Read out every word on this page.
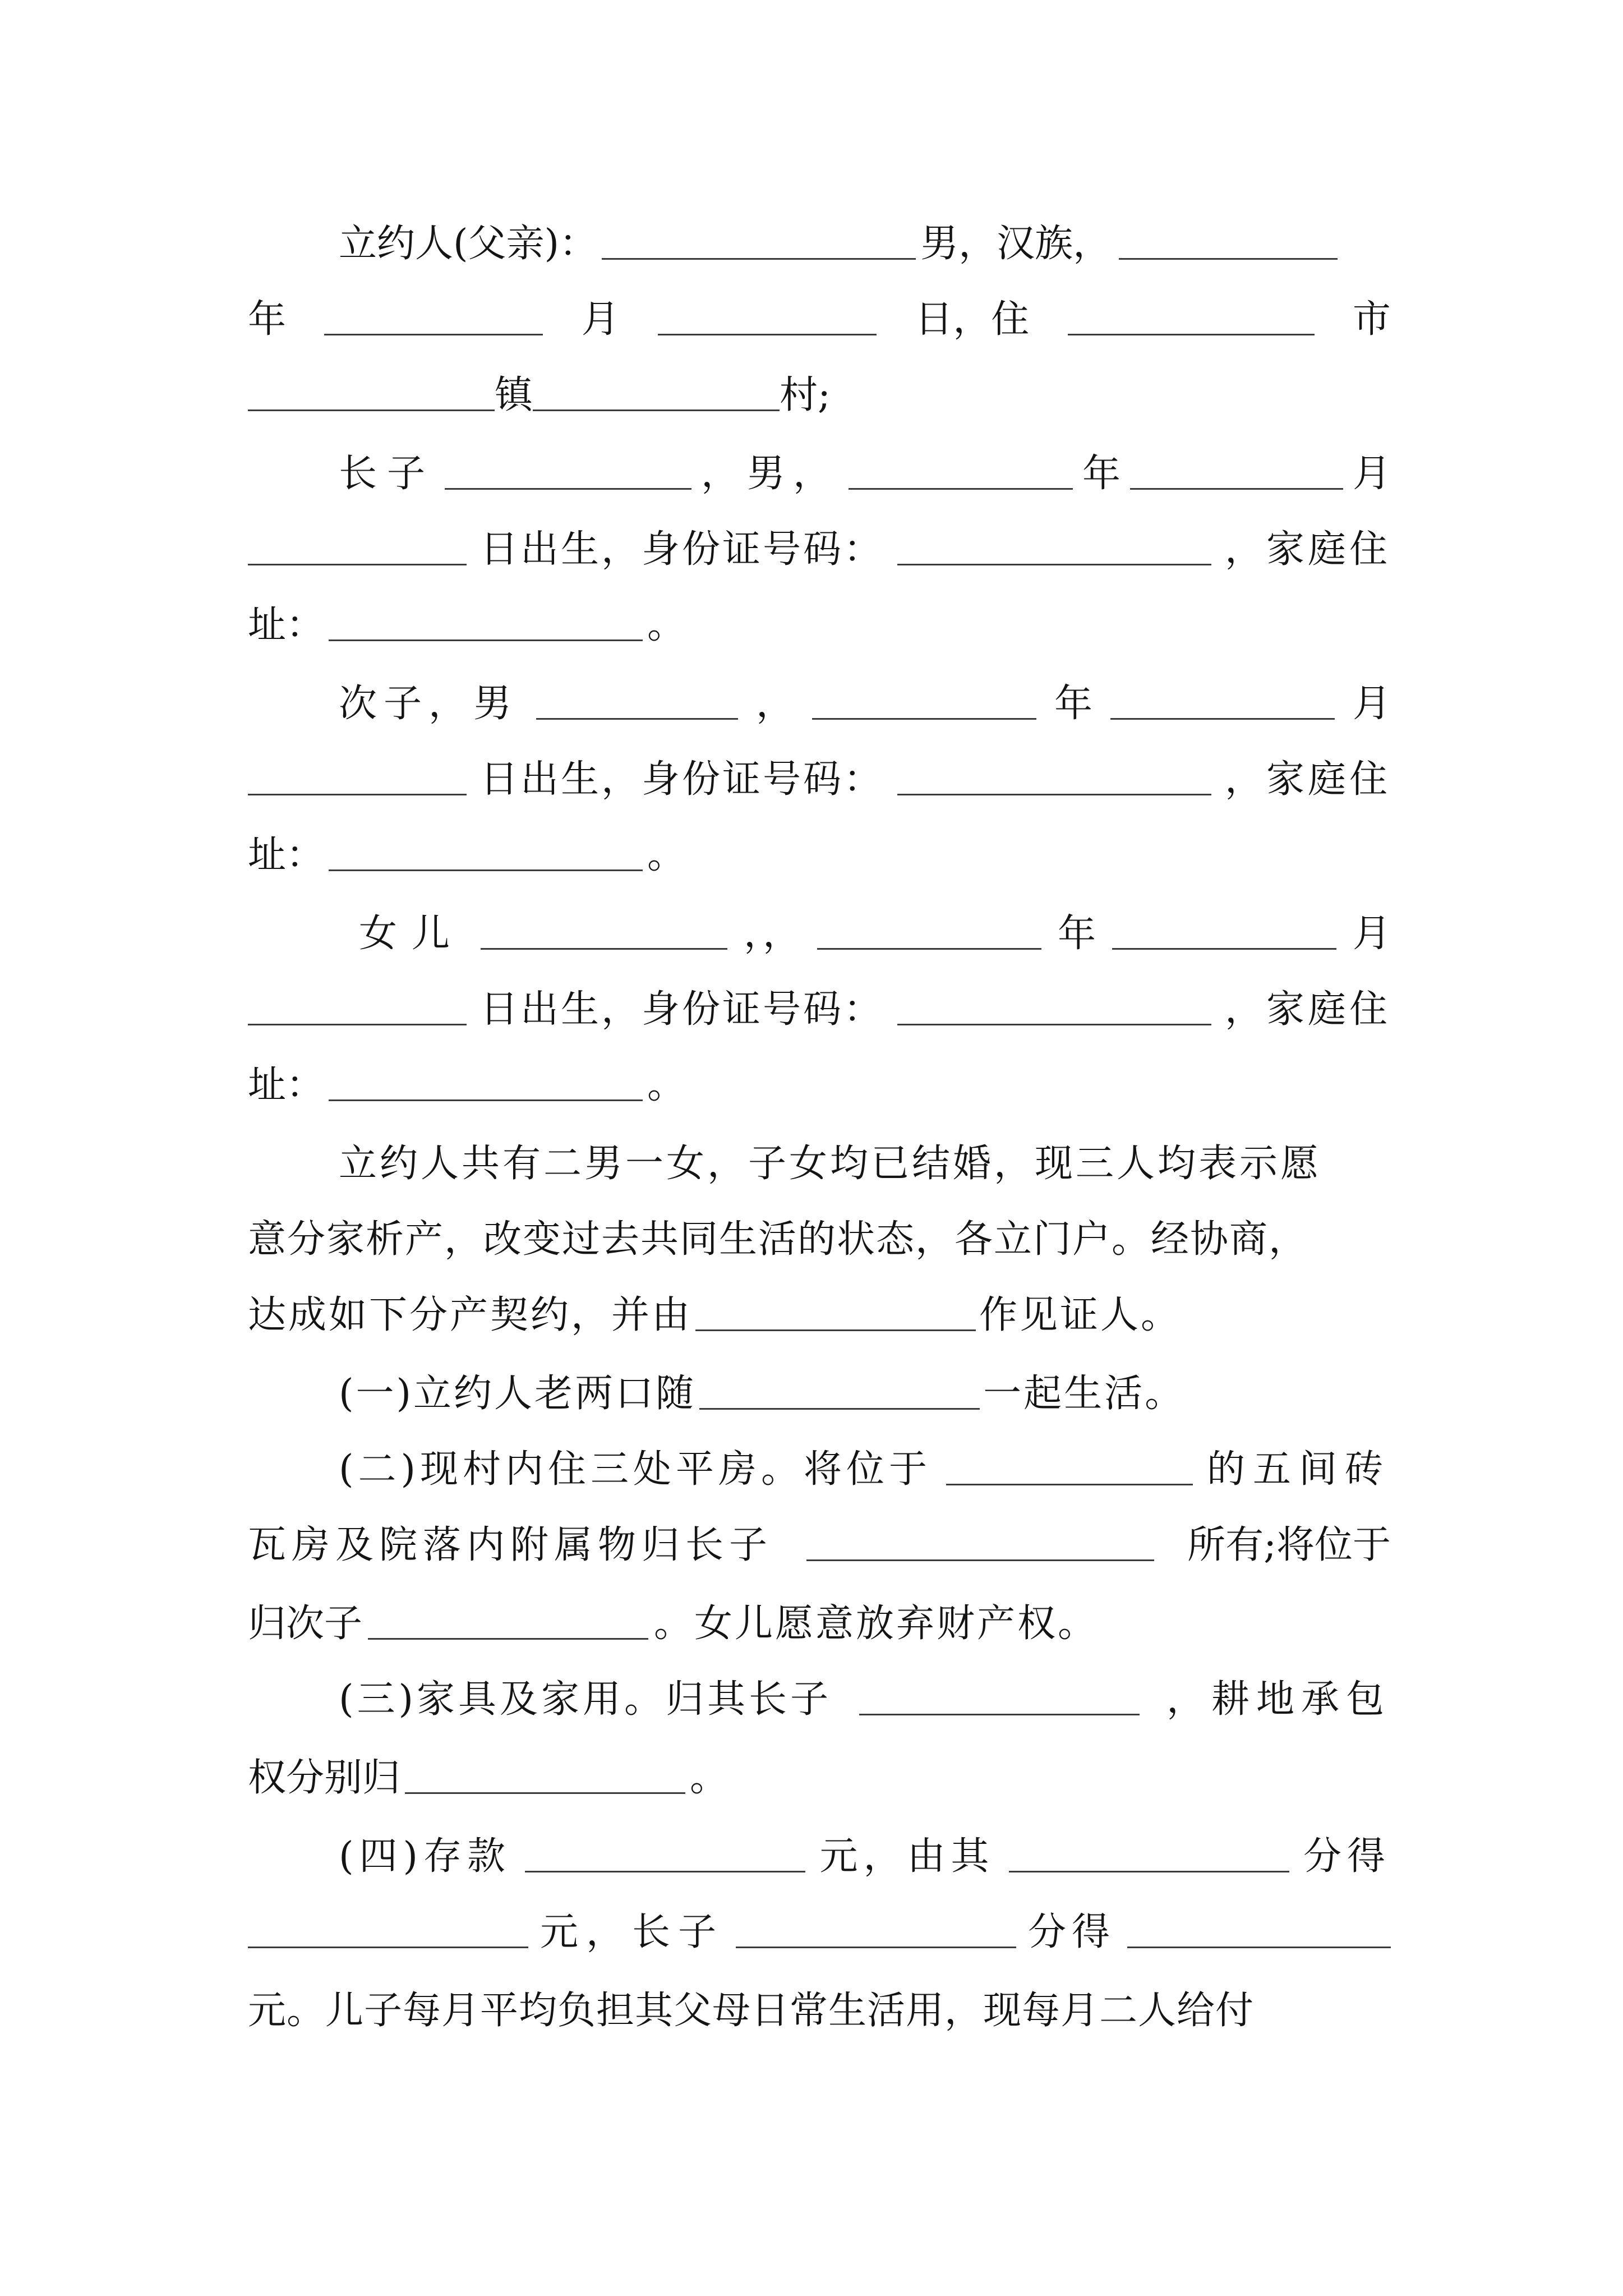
立约人(父亲)：	男，汉族，
年	月	日，住	市
镇	村;
长子	，男，	年	月
日出生，身份证号码：	，家庭住
址：	。
次子，男	，	年	月
日出生，身份证号码：	，家庭住
址：	。
女儿	，，	年	月
日出生，身份证号码：	，家庭住
址：	。
立约人共有二男一女，子女均已结婚，现三人均表示愿
意分家析产，改变过去共同生活的状态，各立门户。经协商，
达成如下分产契约，并由	作见证人。
(一)立约人老两口随	一起生活。
(二)现村内住三处平房。将位于	的五间砖
瓦房及院落内附属物归长子	所有;将位于
归次子	。女儿愿意放弃财产权。
(三)家具及家用。归其长子	，耕地承包
权分别归	。
(四)存款	元，由其	分得
元，长子	分得
元。儿子每月平均负担其父母日常生活用，现每月二人给付
